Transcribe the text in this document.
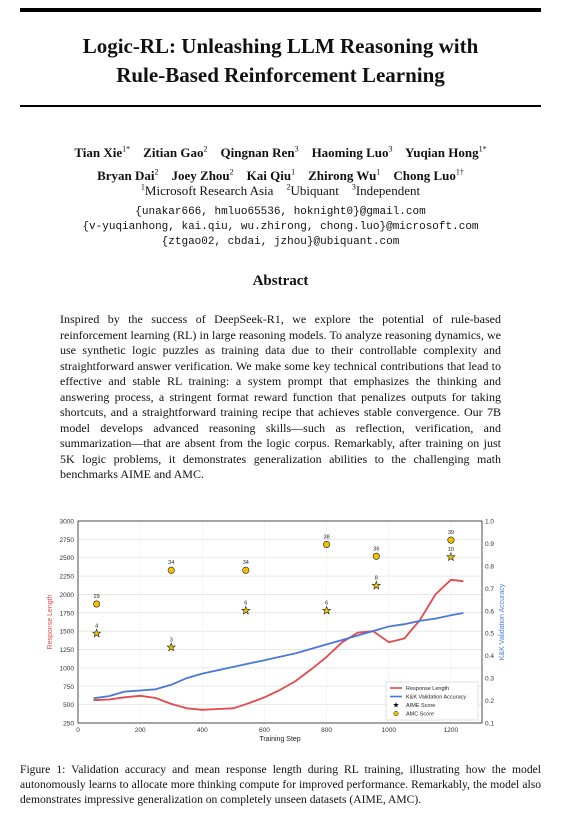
Logic-RL: Unleashing LLM Reasoning with
Rule-Based Reinforcement Learning
Tian Xie$^{1*}$ Zitian Gao$^2$ Qingnan Ren$^3$ Haoming Luo$^3$ Yuqian Hong$^{1*}$
Bryan Dai$^2$ Joey Zhou$^2$ Kai Qiu$^1$ Zhirong Wu$^1$ Chong Luo$^{1\dagger}$
$^1$Microsoft Research Asia $^2$Ubiquant $^3$Independent
{unakar666, hmluo65536, hoknight0}@gmail.com
{v-yuqianhong, kai.qiu, wu.zhirong, chong.luo}@microsoft.com
{ztgao02, cbdai, jzhou}@ubiquant.com
Abstract
Inspired by the success of DeepSeek-R1, we explore the potential of rule-based reinforcement learning (RL) in large reasoning models. To analyze reasoning dynamics, we use synthetic logic puzzles as training data due to their controllable complexity and straightforward answer verification. We make some key technical contributions that lead to effective and stable RL training: a system prompt that emphasizes the thinking and answering process, a stringent format reward function that penalizes outputs for taking shortcuts, and a straightforward training recipe that achieves stable convergence. Our 7B model develops advanced reasoning skills—such as reflection, verification, and summarization—that are absent from the logic corpus. Remarkably, after training on just 5K logic problems, it demonstrates generalization abilities to the challenging math benchmarks AIME and AMC.
250
500
750
1000
1250
1500
1750
2000
2250
2500
2750
3000
0	200	400	600	800	1000	1200
0.1
0.2
0.3
0.4
0.5
0.6
0.7
0.8
0.9
1.0
Training Step
Response Length	K&K Validation Accuracy
4
3
6	6
8
10
29
34	34
38
36
39
Response Length
K&K Validation Accuracy
AIME Score
AMC Score
Figure 1: Validation accuracy and mean response length during RL training, illustrating how the model autonomously learns to allocate more thinking compute for improved performance. Remarkably, the model also demonstrates impressive generalization on completely unseen datasets (AIME, AMC).
